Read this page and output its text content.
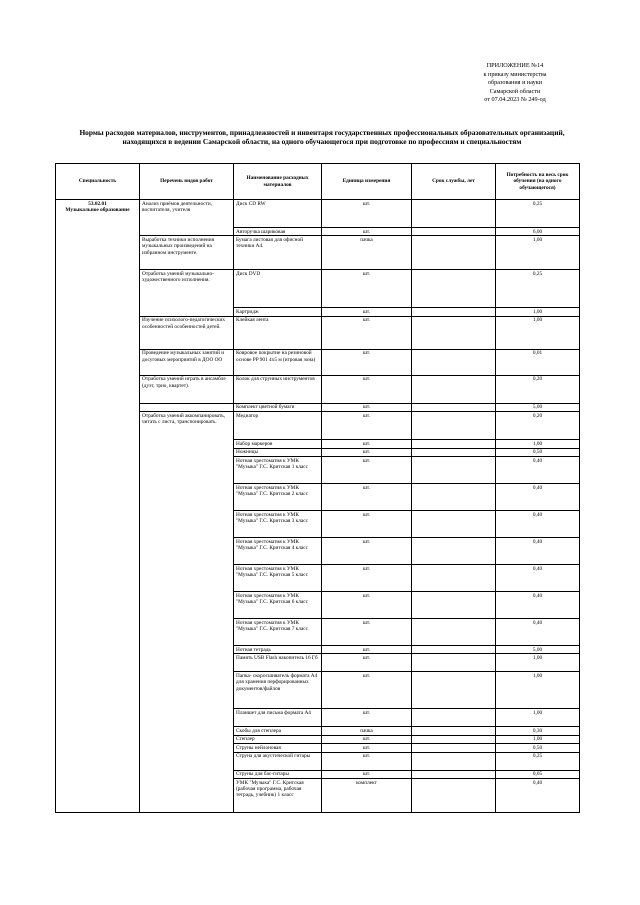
ПРИЛОЖЕНИЕ №14
к приказу министерства
образования и науки
Самарской области
от 07.04.2023 № 249-од
Нормы расходов материалов, инструментов, принадлежностей и инвентаря государственных профессиональных образовательных организаций, находящихся в ведении Самарской области, на одного обучающегося при подготовке по профессиям и специальностям
Специальность	Перечень видов работ	Наименование расходных материалов	Единица измерения	Срок службы, лет	Потребность на весь срок обучения (на одного обучающегося)

53.02.01
Музыкальное образование	Анализ приёмов деятельности, воспитателя, учителя	Диск CD RW	шт.		0,25
		Авторучка шариковая	шт.		6,00
	Выработка техники исполнения музыкальных произведений на избранном инструменте.	Бумага листовая для офисной техники А4.	пачка		1,00
	Отработка умений музыкально-художественного исполнения.	Диск DVD	шт.		0,25
		Картридж	шт.		1,00
	Изучение психолого-педагогических особенностей особенностей детей.	Клейкая лента	шт.		1,00
	Проведение музыкальных занятий и досуговых мероприятий в ДОО ОО	Ковровое покрытие на резиновой основе PP 901 4х5 м (игровая зона)	шт.		0,01
	Отработка умений играть в ансамбле (дуэт, трио, квартет).	Колок для струнных инструментов	шт.		0,20
		Комплект цветной бумаги	шт.		5,00
	Отработка умений аккомпанировать, читать с листа, транспонировать.	Медиатор	шт.		0,20
		Набор маркеров	шт.		1,00
		Ножницы	шт.		0,50
		Нотная хрестоматия к УМК "Музыка" Г.С. Критская 1 класс	шт.		0,40
		Нотная хрестоматия к УМК "Музыка" Г.С. Критская 2 класс	шт.		0,40
		Нотная хрестоматия к УМК "Музыка" Г.С. Критская 3 класс	шт.		0,40
		Нотная хрестоматия к УМК "Музыка" Г.С. Критская 4 класс	шт.		0,40
		Нотная хрестоматия к УМК "Музыка" Г.С. Критская 5 класс	шт.		0,40
		Нотная хрестоматия к УМК "Музыка" Г.С. Критская 6 класс	шт.		0,40
		Нотная хрестоматия к УМК "Музыка" Г.С. Критская 7 класс	шт.		0,40
		Нотная тетрадь	шт.		5,00
		Память USB Flash накопитель 16 Гб	шт.		1,00
		Папка- скоросшиватель формата А4 для хранения перфорированных документов/файлов	шт.		1,00
		Планшет для письма формата А4	шт.		1,00
		Скобы для степлера	пачка		0,30
		Степлер	шт.		1,00
		Струны нейлоновая	шт.		0,50
		Струна для акустической гитары	шт.		0,25
		Струны для бас-гитары	шт.		0,05
		УМК "Музыка" Г.С. Критская (рабочая программа, рабочая тетрадь, учебник) 1 класс	комплект		0,40
